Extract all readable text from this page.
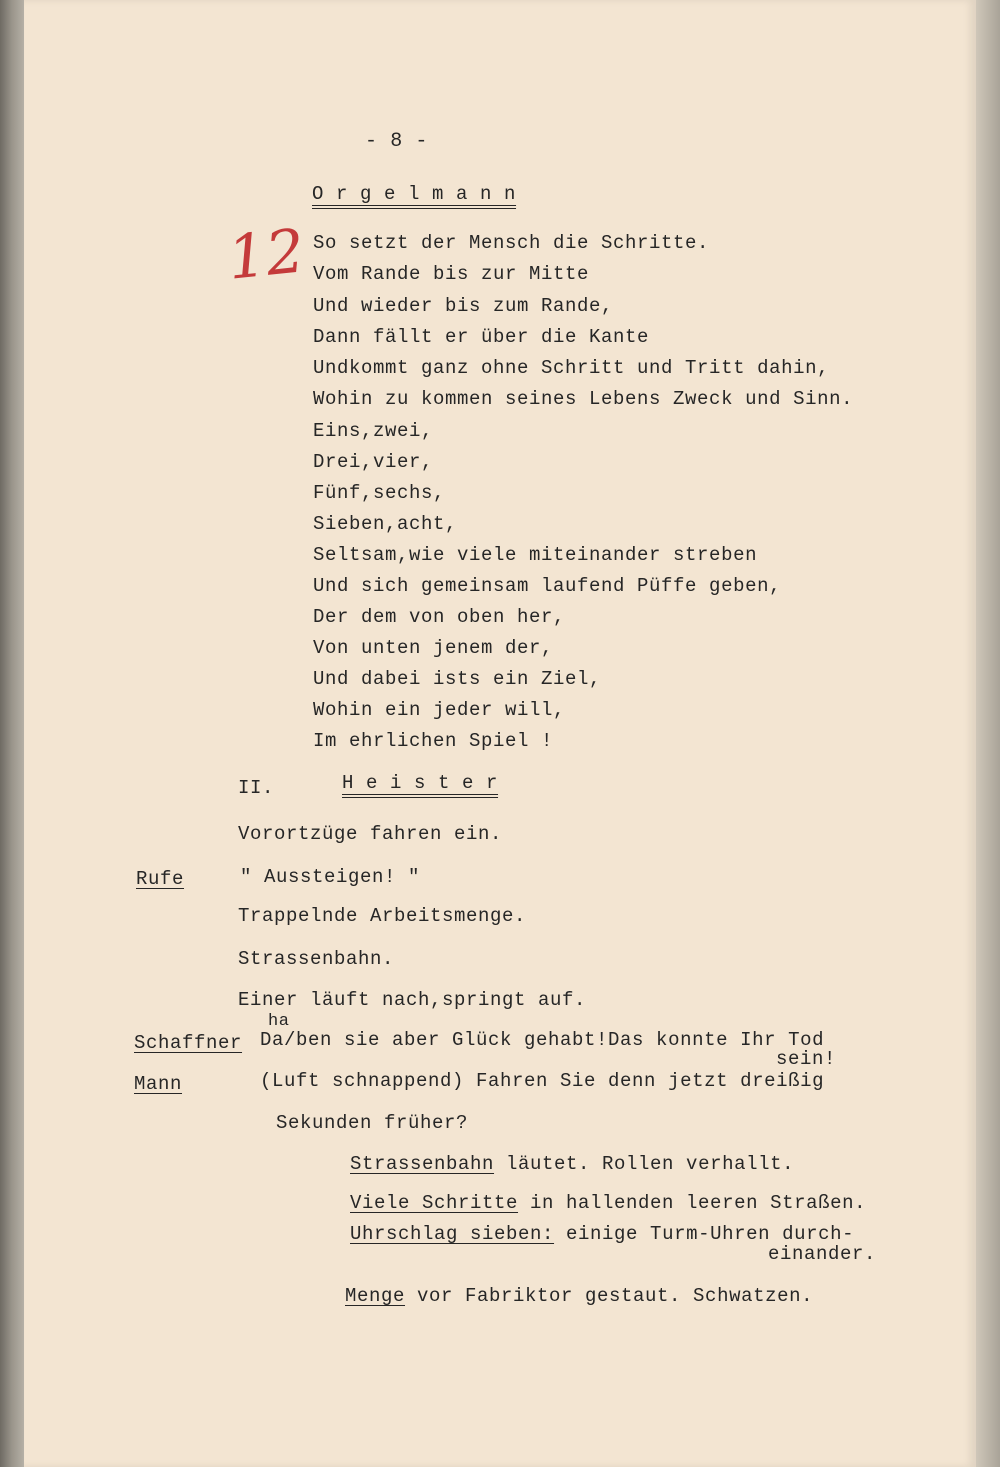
- 8 -
12
O r g e l m a n n
So setzt der Mensch die Schritte.
Vom Rande bis zur Mitte
Und wieder bis zum Rande,
Dann fällt er über die Kante
Undkommt ganz ohne Schritt und Tritt dahin,
Wohin zu kommen seines Lebens Zweck und Sinn.
Eins,zwei,
Drei,vier,
Fünf,sechs,
Sieben,acht,
Seltsam,wie viele miteinander streben
Und sich gemeinsam laufend Püffe geben,
Der dem von oben her,
Von unten jenem der,
Und dabei ists ein Ziel,
Wohin ein jeder will,
Im ehrlichen Spiel !
II.	H e i s t e r
Vorortzüge fahren ein.
Rufe	" Aussteigen! "
Trappelnde Arbeitsmenge.
Strassenbahn.
Einer läuft nach,springt auf.
ha
Schaffner Da/ben sie aber Glück gehabt!Das konnte Ihr Tod
sein!
Mann	(Luft schnappend) Fahren Sie denn jetzt dreißig
Sekunden früher?
Strassenbahn läutet. Rollen verhallt.
Viele Schritte in hallenden leeren Straßen.
Uhrschlag sieben: einige Turm-Uhren durch-
einander.
Menge vor Fabriktor gestaut. Schwatzen.
